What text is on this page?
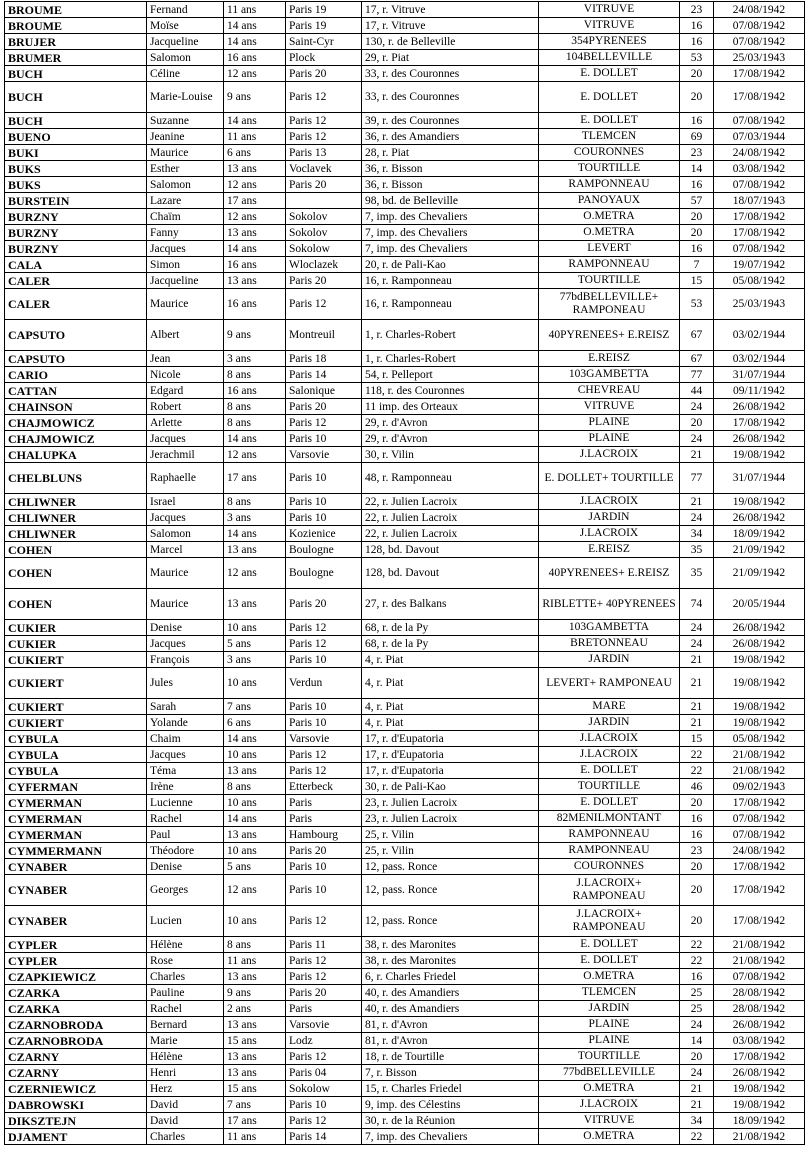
BROUME	Fernand	11 ans	Paris 19	17, r. Vitruve	VITRUVE	23	24/08/1942
BROUME	Moïse	14 ans	Paris 19	17, r. Vitruve	VITRUVE	16	07/08/1942
BRUJER	Jacqueline	14 ans	Saint-Cyr	130, r. de Belleville	354PYRENEES	16	07/08/1942
BRUMER	Salomon	16 ans	Plock	29, r. Piat	104BELLEVILLE	53	25/03/1943
BUCH	Céline	12 ans	Paris 20	33, r. des Couronnes	E. DOLLET	20	17/08/1942
BUCH	Marie-Louise	9 ans	Paris 12	33, r. des Couronnes	E. DOLLET	20	17/08/1942
BUCH	Suzanne	14 ans	Paris 12	39, r. des Couronnes	E. DOLLET	16	07/08/1942
BUENO	Jeanine	11 ans	Paris 12	36, r. des Amandiers	TLEMCEN	69	07/03/1944
BUKI	Maurice	6 ans	Paris 13	28, r. Piat	COURONNES	23	24/08/1942
BUKS	Esther	13 ans	Voclavek	36, r. Bisson	TOURTILLE	14	03/08/1942
BUKS	Salomon	12 ans	Paris 20	36, r. Bisson	RAMPONNEAU	16	07/08/1942
BURSTEIN	Lazare	17 ans		98, bd. de Belleville	PANOYAUX	57	18/07/1943
BURZNY	Chaïm	12 ans	Sokolov	7, imp. des Chevaliers	O.METRA	20	17/08/1942
BURZNY	Fanny	13 ans	Sokolov	7, imp. des Chevaliers	O.METRA	20	17/08/1942
BURZNY	Jacques	14 ans	Sokolow	7, imp. des Chevaliers	LEVERT	16	07/08/1942
CALA	Simon	16 ans	Wloclazek	20, r. de Pali-Kao	RAMPONNEAU	7	19/07/1942
CALER	Jacqueline	13 ans	Paris 20	16, r. Ramponneau	TOURTILLE	15	05/08/1942
CALER	Maurice	16 ans	Paris 12	16, r. Ramponneau	77bdBELLEVILLE+ RAMPONEAU	53	25/03/1943
CAPSUTO	Albert	9 ans	Montreuil	1, r. Charles-Robert	40PYRENEES+ E.REISZ	67	03/02/1944
CAPSUTO	Jean	3 ans	Paris 18	1, r. Charles-Robert	E.REISZ	67	03/02/1944
CARIO	Nicole	8 ans	Paris 14	54, r. Pelleport	103GAMBETTA	77	31/07/1944
CATTAN	Edgard	16 ans	Salonique	118, r. des Couronnes	CHEVREAU	44	09/11/1942
CHAINSON	Robert	8 ans	Paris 20	11 imp. des Orteaux	VITRUVE	24	26/08/1942
CHAJMOWICZ	Arlette	8 ans	Paris 12	29, r. d'Avron	PLAINE	20	17/08/1942
CHAJMOWICZ	Jacques	14 ans	Paris 10	29, r. d'Avron	PLAINE	24	26/08/1942
CHALUPKA	Jerachmil	12 ans	Varsovie	30, r. Vilin	J.LACROIX	21	19/08/1942
CHELBLUNS	Raphaelle	17 ans	Paris 10	48, r. Ramponneau	E. DOLLET+ TOURTILLE	77	31/07/1944
CHLIWNER	Israel	8 ans	Paris 10	22, r. Julien Lacroix	J.LACROIX	21	19/08/1942
CHLIWNER	Jacques	3 ans	Paris 10	22, r. Julien Lacroix	JARDIN	24	26/08/1942
CHLIWNER	Salomon	14 ans	Kozienice	22, r. Julien Lacroix	J.LACROIX	34	18/09/1942
COHEN	Marcel	13 ans	Boulogne	128, bd. Davout	E.REISZ	35	21/09/1942
COHEN	Maurice	12 ans	Boulogne	128, bd. Davout	40PYRENEES+ E.REISZ	35	21/09/1942
COHEN	Maurice	13 ans	Paris 20	27, r. des Balkans	RIBLETTE+ 40PYRENEES	74	20/05/1944
CUKIER	Denise	10 ans	Paris 12	68, r. de la Py	103GAMBETTA	24	26/08/1942
CUKIER	Jacques	5 ans	Paris 12	68, r. de la Py	BRETONNEAU	24	26/08/1942
CUKIERT	François	3 ans	Paris 10	4, r. Piat	JARDIN	21	19/08/1942
CUKIERT	Jules	10 ans	Verdun	4, r. Piat	LEVERT+ RAMPONEAU	21	19/08/1942
CUKIERT	Sarah	7 ans	Paris 10	4, r. Piat	MARE	21	19/08/1942
CUKIERT	Yolande	6 ans	Paris 10	4, r. Piat	JARDIN	21	19/08/1942
CYBULA	Chaim	14 ans	Varsovie	17, r. d'Eupatoria	J.LACROIX	15	05/08/1942
CYBULA	Jacques	10 ans	Paris 12	17, r. d'Eupatoria	J.LACROIX	22	21/08/1942
CYBULA	Téma	13 ans	Paris 12	17, r. d'Eupatoria	E. DOLLET	22	21/08/1942
CYFERMAN	Irène	8 ans	Etterbeck	30, r. de Pali-Kao	TOURTILLE	46	09/02/1943
CYMERMAN	Lucienne	10 ans	Paris	23, r. Julien Lacroix	E. DOLLET	20	17/08/1942
CYMERMAN	Rachel	14 ans	Paris	23, r. Julien Lacroix	82MENILMONTANT	16	07/08/1942
CYMERMAN	Paul	13 ans	Hambourg	25, r. Vilin	RAMPONNEAU	16	07/08/1942
CYMMERMANN	Théodore	10 ans	Paris 20	25, r. Vilin	RAMPONNEAU	23	24/08/1942
CYNABER	Denise	5 ans	Paris 10	12, pass. Ronce	COURONNES	20	17/08/1942
CYNABER	Georges	12 ans	Paris 10	12, pass. Ronce	J.LACROIX+ RAMPONEAU	20	17/08/1942
CYNABER	Lucien	10 ans	Paris 12	12, pass. Ronce	J.LACROIX+ RAMPONEAU	20	17/08/1942
CYPLER	Hélène	8 ans	Paris 11	38, r. des Maronites	E. DOLLET	22	21/08/1942
CYPLER	Rose	11 ans	Paris 12	38, r. des Maronites	E. DOLLET	22	21/08/1942
CZAPKIEWICZ	Charles	13 ans	Paris 12	6, r. Charles Friedel	O.METRA	16	07/08/1942
CZARKA	Pauline	9 ans	Paris 20	40, r. des Amandiers	TLEMCEN	25	28/08/1942
CZARKA	Rachel	2 ans	Paris	40, r. des Amandiers	JARDIN	25	28/08/1942
CZARNOBRODA	Bernard	13 ans	Varsovie	81, r. d'Avron	PLAINE	24	26/08/1942
CZARNOBRODA	Marie	15 ans	Lodz	81, r. d'Avron	PLAINE	14	03/08/1942
CZARNY	Hélène	13 ans	Paris 12	18, r. de Tourtille	TOURTILLE	20	17/08/1942
CZARNY	Henri	13 ans	Paris 04	7, r. Bisson	77bdBELLEVILLE	24	26/08/1942
CZERNIEWICZ	Herz	15 ans	Sokolow	15, r. Charles Friedel	O.METRA	21	19/08/1942
DABROWSKI	David	7 ans	Paris 10	9, imp. des Célestins	J.LACROIX	21	19/08/1942
DIKSZTEJN	David	17 ans	Paris 12	30, r. de la Réunion	VITRUVE	34	18/09/1942
DJAMENT	Charles	11 ans	Paris 14	7, imp. des Chevaliers	O.METRA	22	21/08/1942
